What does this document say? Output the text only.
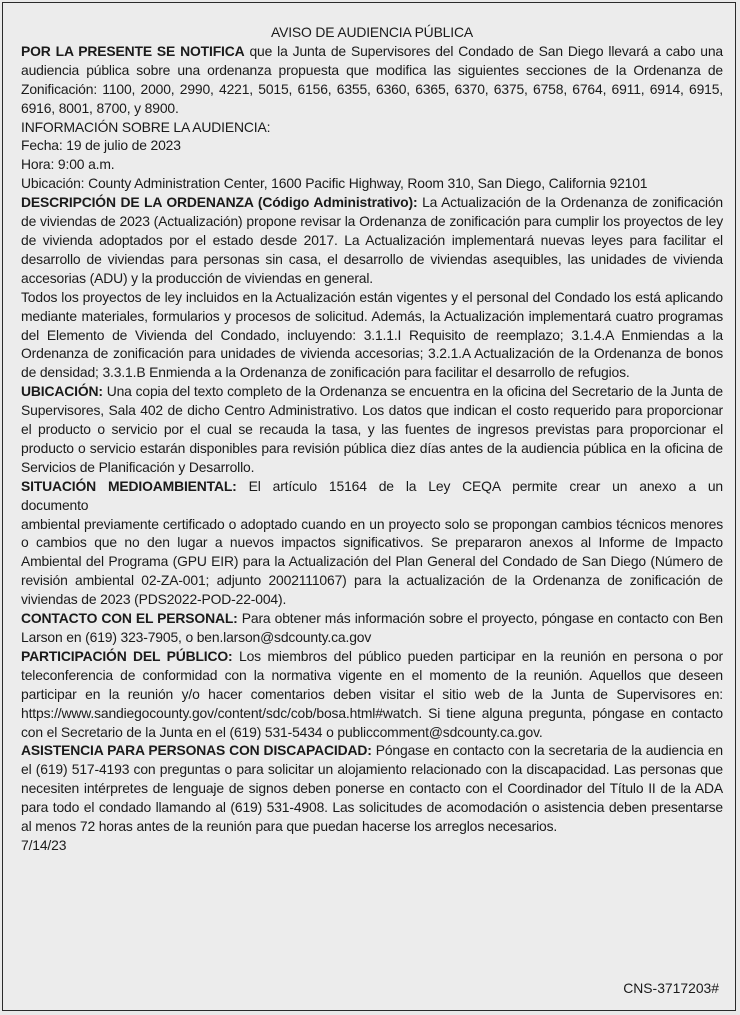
AVISO DE AUDIENCIA PÚBLICA

POR LA PRESENTE SE NOTIFICA que la Junta de Supervisores del Condado de San Diego llevará a cabo una audiencia pública sobre una ordenanza propuesta que modifica las siguientes secciones de la Ordenanza de Zonificación: 1100, 2000, 2990, 4221, 5015, 6156, 6355, 6360, 6365, 6370, 6375, 6758, 6764, 6911, 6914, 6915, 6916, 8001, 8700, y 8900.

INFORMACIÓN SOBRE LA AUDIENCIA:

Fecha: 19 de julio de 2023

Hora: 9:00 a.m.

Ubicación: County Administration Center, 1600 Pacific Highway, Room 310, San Diego, California 92101

DESCRIPCIÓN DE LA ORDENANZA (Código Administrativo): La Actualización de la Ordenanza de zonificación de viviendas de 2023 (Actualización) propone revisar la Ordenanza de zonificación para cumplir los proyectos de ley de vivienda adoptados por el estado desde 2017. La Actualización implementará nuevas leyes para facilitar el desarrollo de viviendas para personas sin casa, el desarrollo de viviendas asequibles, las unidades de vivienda accesorias (ADU) y la producción de viviendas en general.

Todos los proyectos de ley incluidos en la Actualización están vigentes y el personal del Condado los está aplicando mediante materiales, formularios y procesos de solicitud. Además, la Actualización implementará cuatro programas del Elemento de Vivienda del Condado, incluyendo: 3.1.1.I Requisito de reemplazo; 3.1.4.A Enmiendas a la Ordenanza de zonificación para unidades de vivienda accesorias; 3.2.1.A Actualización de la Ordenanza de bonos de densidad; 3.3.1.B Enmienda a la Ordenanza de zonificación para facilitar el desarrollo de refugios.

UBICACIÓN: Una copia del texto completo de la Ordenanza se encuentra en la oficina del Secretario de la Junta de Supervisores, Sala 402 de dicho Centro Administrativo. Los datos que indican el costo requerido para proporcionar el producto o servicio por el cual se recauda la tasa, y las fuentes de ingresos previstas para proporcionar el producto o servicio estarán disponibles para revisión pública diez días antes de la audiencia pública en la oficina de Servicios de Planificación y Desarrollo.

SITUACIÓN MEDIOAMBIENTAL: El artículo 15164 de la Ley CEQA permite crear un anexo a un

documento

ambiental previamente certificado o adoptado cuando en un proyecto solo se propongan cambios técnicos menores o cambios que no den lugar a nuevos impactos significativos. Se prepararon anexos al Informe de Impacto Ambiental del Programa (GPU EIR) para la Actualización del Plan General del Condado de San Diego (Número de revisión ambiental 02-ZA-001; adjunto 2002111067) para la actualización de la Ordenanza de zonificación de viviendas de 2023 (PDS2022-POD-22-004).

CONTACTO CON EL PERSONAL: Para obtener más información sobre el proyecto, póngase en contacto con Ben Larson en (619) 323-7905, o ben.larson@sdcounty.ca.gov

PARTICIPACIÓN DEL PÚBLICO: Los miembros del público pueden participar en la reunión en persona o por teleconferencia de conformidad con la normativa vigente en el momento de la reunión. Aquellos que deseen participar en la reunión y/o hacer comentarios deben visitar el sitio web de la Junta de Supervisores en: https://www.sandiegocounty.gov/content/sdc/cob/bosa.html#watch. Si tiene alguna pregunta, póngase en contacto con el Secretario de la Junta en el (619) 531-5434 o publiccomment@sdcounty.ca.gov.

ASISTENCIA PARA PERSONAS CON DISCAPACIDAD: Póngase en contacto con la secretaria de la audiencia en el (619) 517-4193 con preguntas o para solicitar un alojamiento relacionado con la discapacidad. Las personas que necesiten intérpretes de lenguaje de signos deben ponerse en contacto con el Coordinador del Título II de la ADA para todo el condado llamando al (619) 531-4908. Las solicitudes de acomodación o asistencia deben presentarse al menos 72 horas antes de la reunión para que puedan hacerse los arreglos necesarios.

7/14/23

CNS-3717203#
